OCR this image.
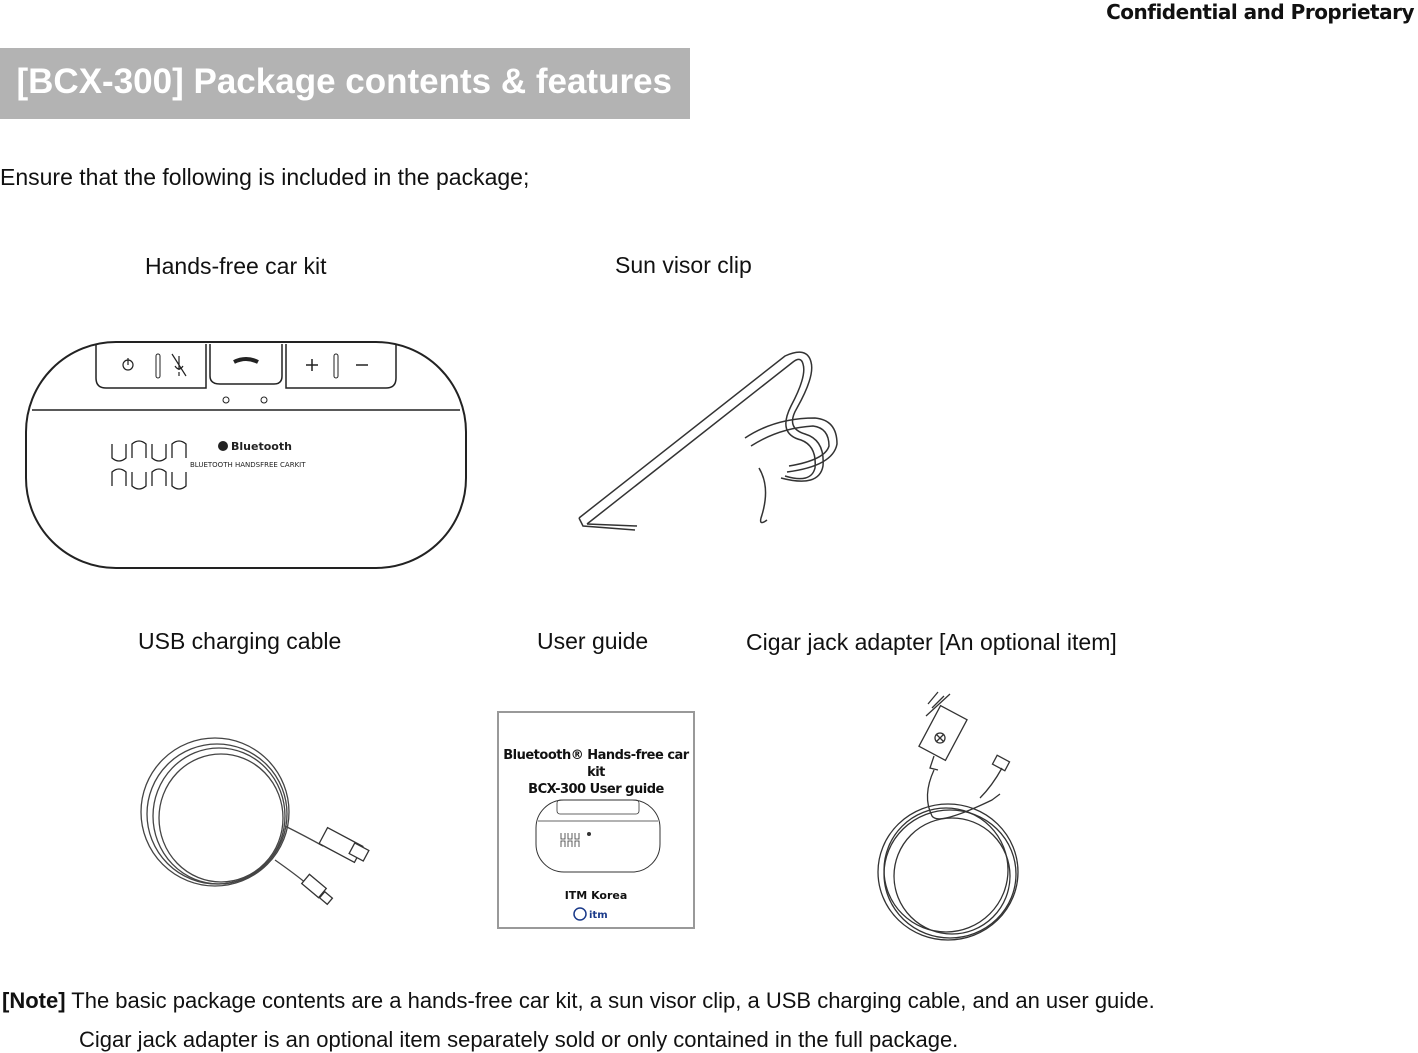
Confidential and Proprietary
[BCX-300] Package contents & features
Ensure that the following is included in the package;
Hands-free car kit
Bluetooth
BLUETOOTH HANDSFREE CARKIT
Sun visor clip
USB charging cable	User guide
Bluetooth® Hands-free car kit
BCX-300 User guide
ITM Korea
itm
Cigar jack adapter [An optional item]
[Note] The basic package contents are a hands-free car kit, a sun visor clip, a USB charging cable, and an user guide.
Cigar jack adapter is an optional item separately sold or only contained in the full package.
